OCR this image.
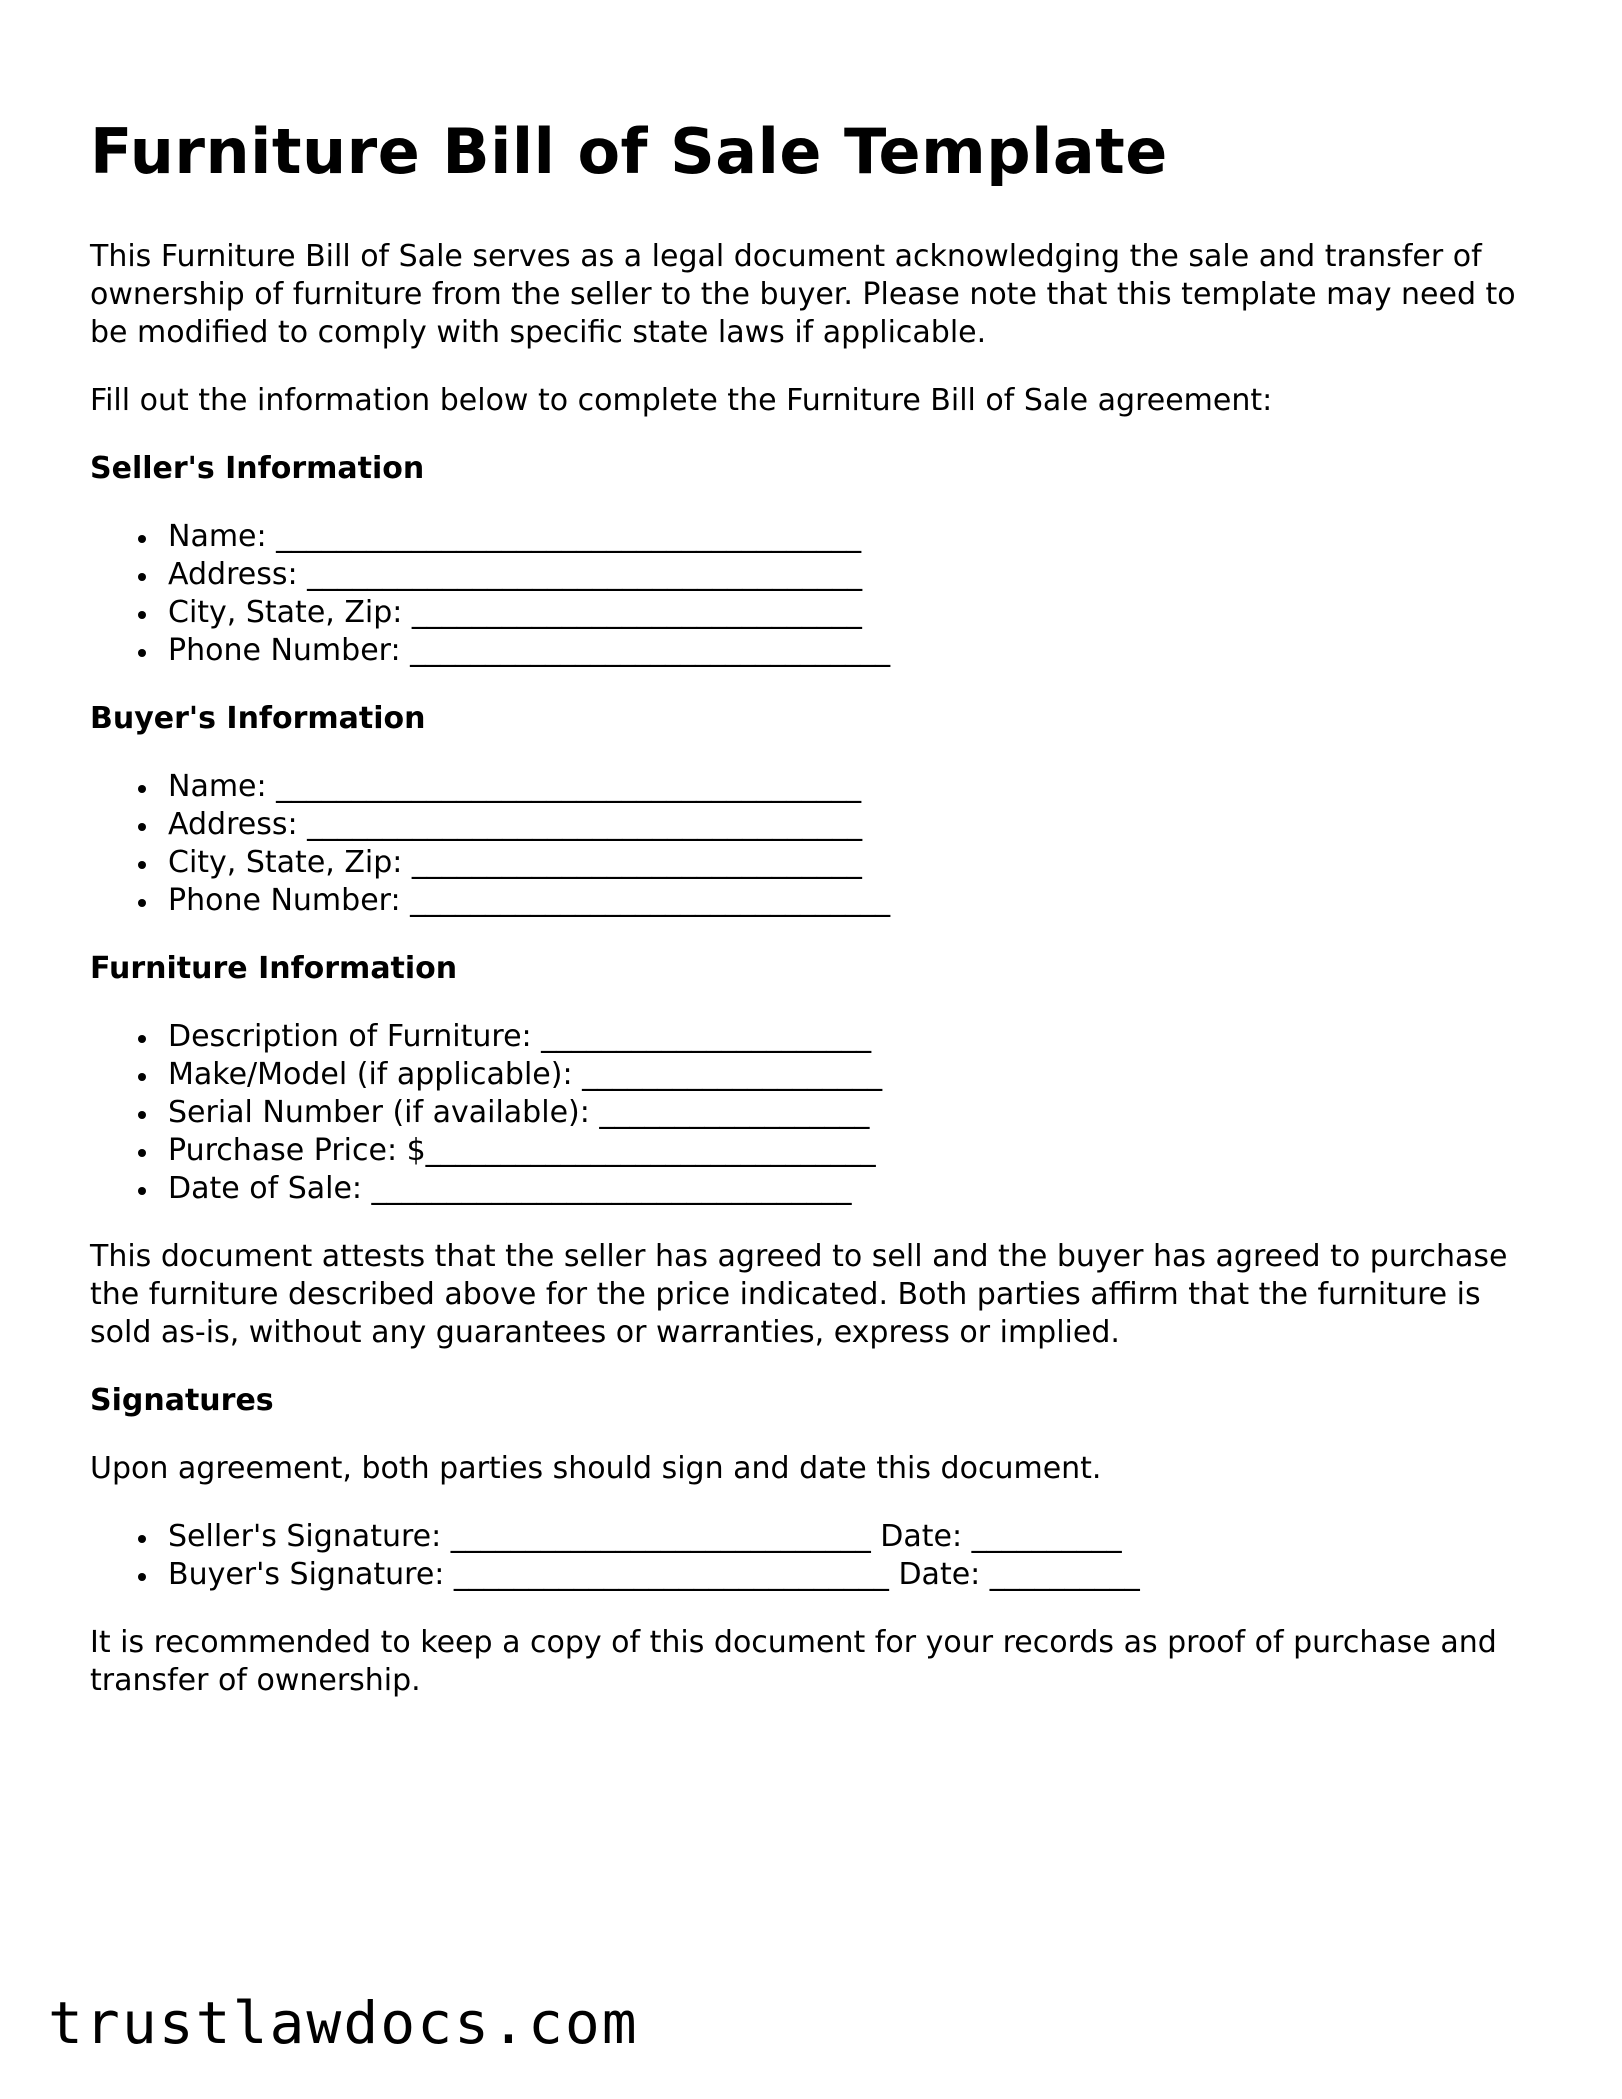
Furniture Bill of Sale Template

This Furniture Bill of Sale serves as a legal document acknowledging the sale and transfer of ownership of furniture from the seller to the buyer. Please note that this template may need to be modified to comply with specific state laws if applicable.

Fill out the information below to complete the Furniture Bill of Sale agreement:

Seller's Information
Name: _______________________________________
Address: _____________________________________
City, State, Zip: ______________________________
Phone Number: ________________________________
Buyer's Information
Name: _______________________________________
Address: _____________________________________
City, State, Zip: ______________________________
Phone Number: ________________________________
Furniture Information
Description of Furniture: ______________________
Make/Model (if applicable): ____________________
Serial Number (if available): __________________
Purchase Price: $______________________________
Date of Sale: ________________________________

This document attests that the seller has agreed to sell and the buyer has agreed to purchase the furniture described above for the price indicated. Both parties affirm that the furniture is sold as-is, without any guarantees or warranties, express or implied.

Signatures

Upon agreement, both parties should sign and date this document.

Seller's Signature: ____________________________ Date: __________
Buyer's Signature: _____________________________ Date: __________

It is recommended to keep a copy of this document for your records as proof of purchase and transfer of ownership.

trustlawdocs.com
